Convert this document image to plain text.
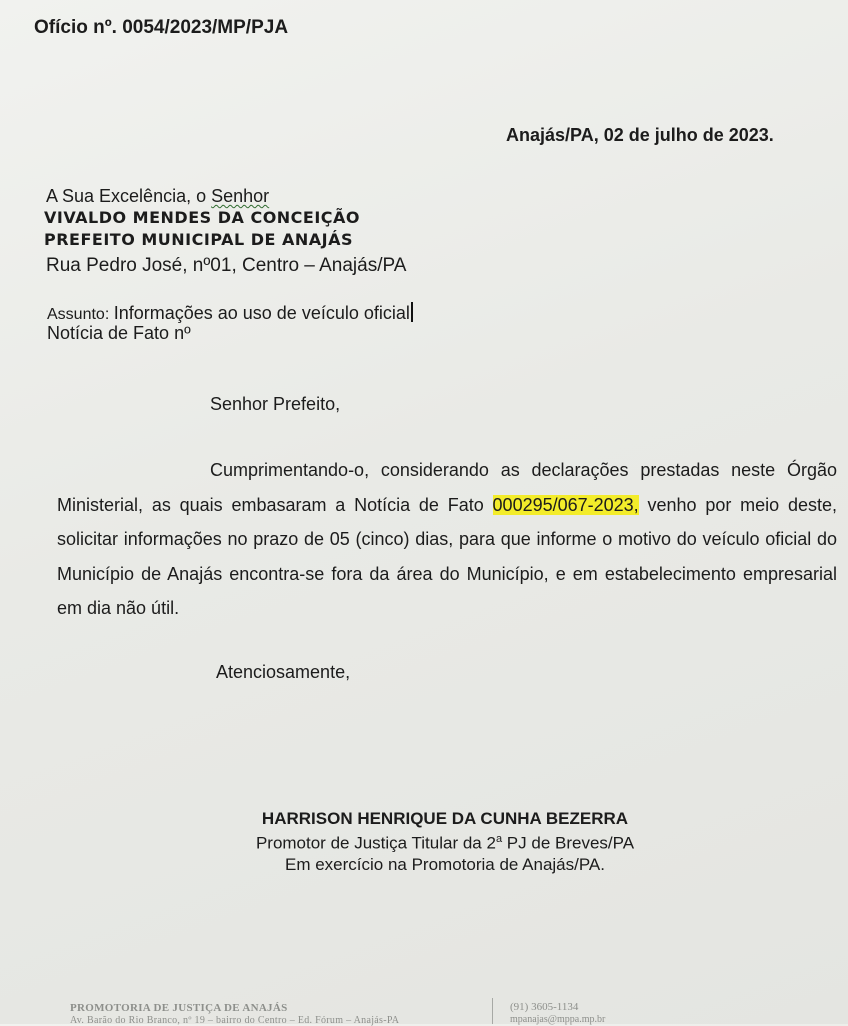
Ofício nº. 0054/2023/MP/PJA
Anajás/PA, 02 de julho de 2023.
A Sua Excelência, o Senhor
VIVALDO MENDES DA CONCEIÇÃO
PREFEITO MUNICIPAL DE ANAJÁS
Rua Pedro José, nº01, Centro – Anajás/PA
Assunto: Informações ao uso de veículo oficial
Notícia de Fato nº
Senhor Prefeito,
Cumprimentando-o, considerando as declarações prestadas neste Órgão Ministerial, as quais embasaram a Notícia de Fato 000295/067-2023, venho por meio deste, solicitar informações no prazo de 05 (cinco) dias, para que informe o motivo do veículo oficial do Município de Anajás encontra-se fora da área do Município, e em estabelecimento empresarial em dia não útil.
Atenciosamente,
HARRISON HENRIQUE DA CUNHA BEZERRA
Promotor de Justiça Titular da 2$^a$ PJ de Breves/PA
Em exercício na Promotoria de Anajás/PA.
PROMOTORIA DE JUSTIÇA DE ANAJÁS
Av. Barão do Rio Branco, nº 19 – bairro do Centro – Ed. Fórum – Anajás-PA
(91) 3605-1134
mpanajas@mppa.mp.br
